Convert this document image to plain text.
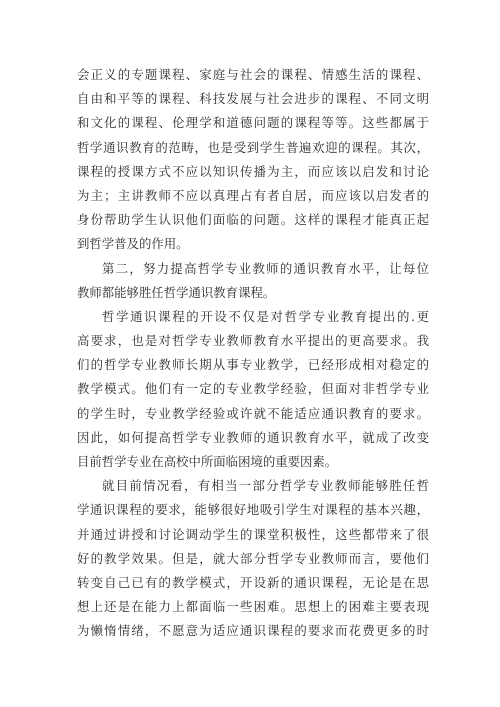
会正义的专题课程、家庭与社会的课程、情感生活的课程、
自由和平等的课程、科技发展与社会进步的课程、不同文明
和文化的课程、伦理学和道德问题的课程等等。这些都属于
哲学通识教育的范畴，也是受到学生普遍欢迎的课程。其次，
课程的授课方式不应以知识传播为主，而应该以启发和讨论
为主；主讲教师不应以真理占有者自居，而应该以启发者的
身份帮助学生认识他们面临的问题。这样的课程才能真正起
到哲学普及的作用。
第二，努力提高哲学专业教师的通识教育水平，让每位
教师都能够胜任哲学通识教育课程。
哲学通识课程的开设不仅是对哲学专业教育提出的.更
高要求，也是对哲学专业教师教育水平提出的更高要求。我
们的哲学专业教师长期从事专业教学，已经形成相对稳定的
教学模式。他们有一定的专业教学经验，但面对非哲学专业
的学生时，专业教学经验或许就不能适应通识教育的要求。
因此，如何提高哲学专业教师的通识教育水平，就成了改变
目前哲学专业在高校中所面临困境的重要因素。
就目前情况看，有相当一部分哲学专业教师能够胜任哲
学通识课程的要求，能够很好地吸引学生对课程的基本兴趣，
并通过讲授和讨论调动学生的课堂积极性，这些都带来了很
好的教学效果。但是，就大部分哲学专业教师而言，要他们
转变自己已有的教学模式，开设新的通识课程，无论是在思
想上还是在能力上都面临一些困难。思想上的困难主要表现
为懒惰情绪，不愿意为适应通识课程的要求而花费更多的时
